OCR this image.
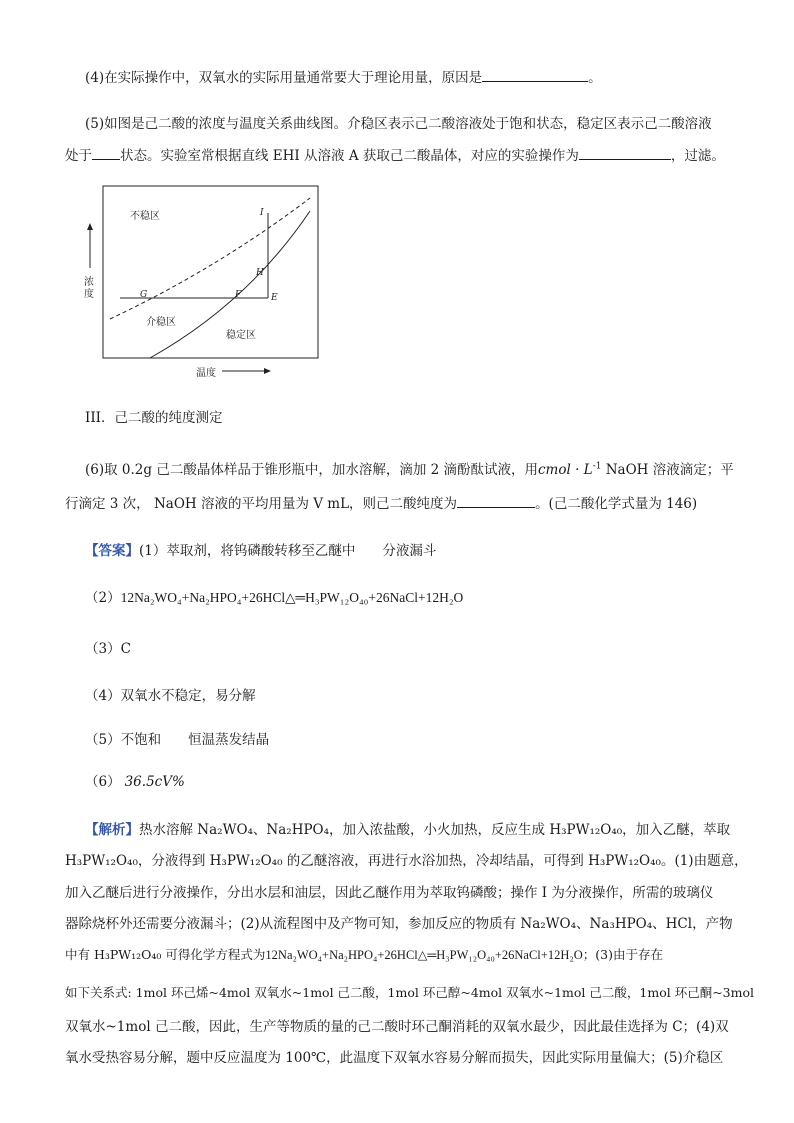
(4)在实际操作中，双氧水的实际用量通常要大于理论用量，原因是	。
(5)如图是己二酸的浓度与温度关系曲线图。介稳区表示己二酸溶液处于饱和状态，稳定区表示己二酸溶液
处于 状态。实验室常根据直线 EHI 从溶液 A 获取己二酸晶体，对应的实验操作为	，过滤。
浓
度
不稳区
介稳区
稳定区
I
H
G	F	E
温度
III．己二酸的纯度测定
(6)取 0.2g 己二酸晶体样品于锥形瓶中，加水溶解，滴加 2 滴酚酞试液，用cmol · $L^{-1}$ NaOH 溶液滴定；平
行滴定 3 次， NaOH 溶液的平均用量为 V mL，则己二酸纯度为	。(己二酸化学式量为 146)
【答案】(1）萃取剂，将钨磷酸转移至乙醚中　　分液漏斗
（2）12Na₂WO₄+Na₂HPO₄+26HCl△═H₃PW₁₂O₄₀+26NaCl+12H₂O
（3）C
（4）双氧水不稳定，易分解
（5）不饱和　　恒温蒸发结晶
（6） 36.5cV%
【解析】热水溶解 Na₂WO₄、Na₂HPO₄，加入浓盐酸，小火加热，反应生成 H₃PW₁₂O₄₀，加入乙醚，萃取
H₃PW₁₂O₄₀，分液得到 H₃PW₁₂O₄₀ 的乙醚溶液，再进行水浴加热，冷却结晶，可得到 H₃PW₁₂O₄₀。(1)由题意，
加入乙醚后进行分液操作，分出水层和油层，因此乙醚作用为萃取钨磷酸；操作 I 为分液操作，所需的玻璃仪
器除烧杯外还需要分液漏斗；(2)从流程图中及产物可知，参加反应的物质有 Na₂WO₄、Na₃HPO₄、HCl，产物
中有 H₃PW₁₂O₄₀ 可得化学方程式为12Na₂WO₄+Na₂HPO₄+26HCl△═H₃PW₁₂O₄₀+26NaCl+12H₂O；(3)由于存在
如下关系式: 1mol 环己烯~4mol 双氧水~1mol 己二酸，1mol 环己醇~4mol 双氧水~1mol 己二酸，1mol 环己酮~3mol
双氧水~1mol 己二酸，因此，生产等物质的量的己二酸时环己酮消耗的双氧水最少，因此最佳选择为 C；(4)双
氧水受热容易分解，题中反应温度为 100℃，此温度下双氧水容易分解而损失，因此实际用量偏大；(5)介稳区
